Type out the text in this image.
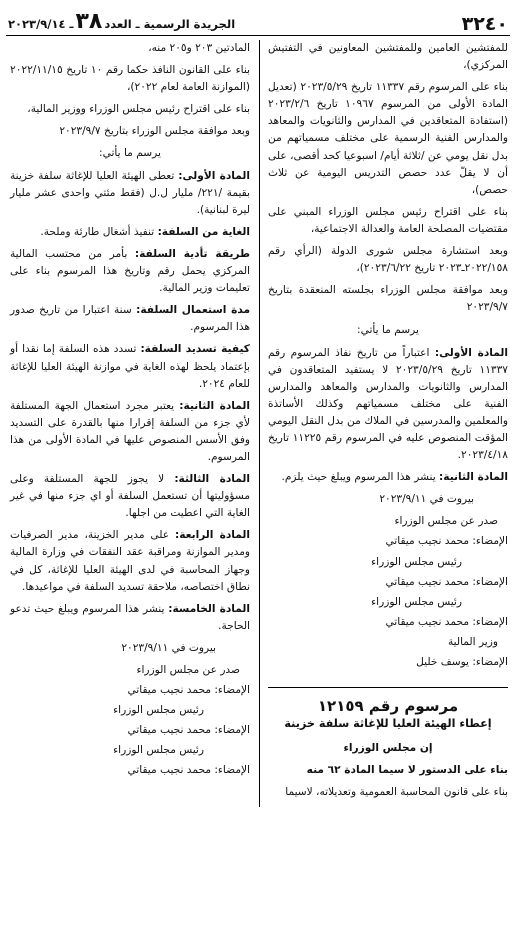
٣٢٤٠
الجريدة الرسمية ـ العدد
٣٨
ـ ٢٠٢٣/٩/١٤

للمفتشين العامين وللمفتشين المعاونين في التفتيش المركزي)،

بناء على المرسوم رقم ١١٣٣٧ تاريخ ٢٠٢٣/٥/٢٩ (تعديل المادة الأولى من المرسوم ١٠٩٦٧ تاريخ ٢٠٢٣/٢/٦ (استفادة المتعاقدين في المدارس والثانويات والمعاهد والمدارس الفنية الرسمية على مختلف مسمياتهم من بدل نقل يومي عن /ثلاثة أيام/ اسبوعيا كحد أقصى، على أن لا يقلّ عدد حصص التدريس اليومية عن ثلاث حصص)،

بناء على اقتراح رئيس مجلس الوزراء المبني على مقتضيات المصلحة العامة والعدالة الاجتماعية،

وبعد استشارة مجلس شورى الدولة (الرأي رقم ٢٠٢٢/١٥٨ـ٢٠٢٣ تاريخ ٢٠٢٣/٦/٢٢)،

وبعد موافقة مجلس الوزراء بجلسته المنعقدة بتاريخ ٢٠٢٣/٩/٧

يرسم ما يأتي:

المادة الأولى: اعتباراً من تاريخ نفاذ المرسوم رقم ١١٣٣٧ تاريخ ٢٠٢٣/٥/٢٩ لا يستفيد المتعاقدون في المدارس والثانويات والمدارس والمعاهد والمدارس الفنية على مختلف مسمياتهم وكذلك الأساتذة والمعلمين والمدرسين في الملاك من بدل النقل اليومي المؤقت المنصوص عليه في المرسوم رقم ١١٢٢٥ تاريخ ٢٠٢٣/٤/١٨.

المادة الثانية: ينشر هذا المرسوم ويبلغ حيث يلزم.

بيروت في ٢٠٢٣/٩/١١

صدر عن مجلس الوزراء
الإمضاء: محمد نجيب ميقاتي
رئيس مجلس الوزراء
الإمضاء: محمد نجيب ميقاتي
رئيس مجلس الوزراء
الإمضاء: محمد نجيب ميقاتي
وزير المالية
الإمضاء: يوسف خليل
مرسوم رقم ١٢١٥٩
إعطاء الهيئة العليا للإغاثة سلفة خزينة

إن مجلس الوزراء

بناء على الدستور لا سيما المادة ٦٢ منه

بناء على قانون المحاسبة العمومية وتعديلاته، لاسيما

المادتين ٢٠٣ و٢٠٥ منه،

بناء على القانون النافذ حكما رقم ١٠ تاريخ ٢٠٢٢/١١/١٥ (الموازنة العامة لعام ٢٠٢٢)،

بناء على اقتراح رئيس مجلس الوزراء ووزير المالية،

وبعد موافقة مجلس الوزراء بتاريخ ٢٠٢٣/٩/٧

يرسم ما يأتي:

المادة الأولى: تعطى الهيئة العليا للإغاثة سلفة خزينة بقيمة /٢٢١/ مليار ل.ل (فقط مئتي واحدى عشر مليار ليرة لبنانية).

الغاية من السلفة: تنفيذ أشغال طارئة وملحة.

طريقة تأدية السلفة: بأمر من محتسب المالية المركزي يحمل رقم وتاريخ هذا المرسوم بناء على تعليمات وزير المالية.

مدة استعمال السلفة: سنة اعتبارا من تاريخ صدور هذا المرسوم.

كيفية تسديد السلفة: تسدد هذه السلفة إما نقدا أو بإعتماد يلحظ لهذه الغاية في موازنة الهيئة العليا للإغاثة للعام ٢٠٢٤.

المادة الثانية: يعتبر مجرد استعمال الجهة المستلفة لأي جزء من السلفة إقرارا منها بالقدرة على التسديد وفق الأسس المنصوص عليها في المادة الأولى من هذا المرسوم.

المادة الثالثة: لا يجوز للجهة المستلفة وعلى مسؤوليتها أن تستعمل السلفة أو اي جزء منها في غير الغاية التي اعطيت من اجلها.

المادة الرابعة: على مدير الخزينة، مدير الصرفيات ومدير الموازنة ومراقبة عقد النفقات في وزارة المالية وجهاز المحاسبة في لدى الهيئة العليا للإغاثة، كل في نطاق اختصاصه، ملاحقة تسديد السلفة في مواعيدها.

المادة الخامسة: ينشر هذا المرسوم ويبلغ حيث تدعو الحاجة.

بيروت في ٢٠٢٣/٩/١١

صدر عن مجلس الوزراء
الإمضاء: محمد نجيب ميقاتي
رئيس مجلس الوزراء
الإمضاء: محمد نجيب ميقاتي
رئيس مجلس الوزراء
الإمضاء: محمد نجيب ميقاتي
